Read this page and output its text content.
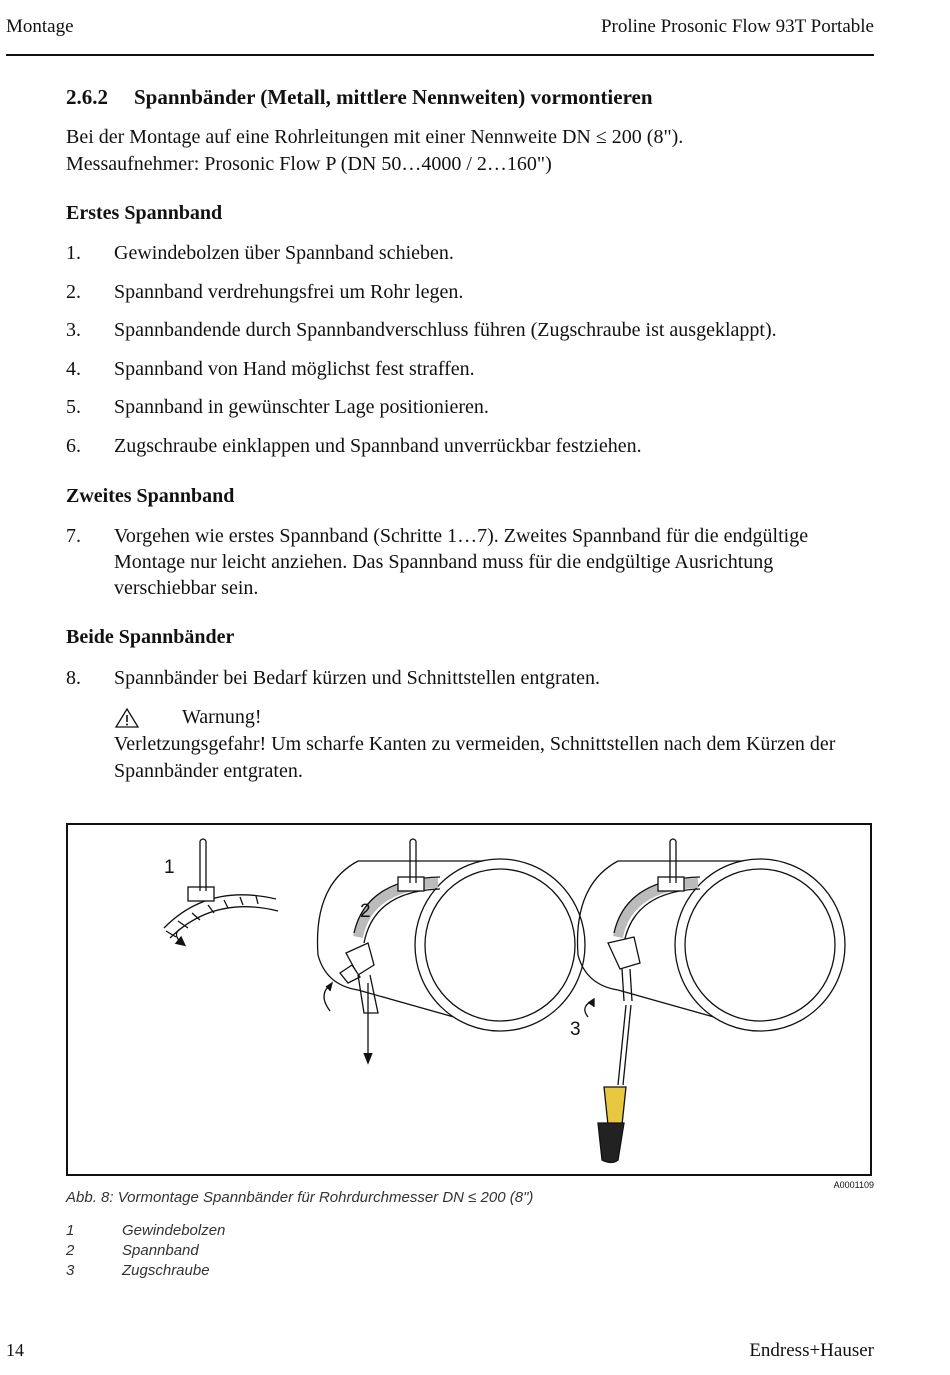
Montage	Proline Prosonic Flow 93T Portable
2.6.2 Spannbänder (Metall, mittlere Nennweiten) vormontieren
Bei der Montage auf eine Rohrleitungen mit einer Nennweite DN ≤ 200 (8").
Messaufnehmer: Prosonic Flow P (DN 50…4000 / 2…160")
Erstes Spannband
1. Gewindebolzen über Spannband schieben.
2. Spannband verdrehungsfrei um Rohr legen.
3. Spannbandende durch Spannbandverschluss führen (Zugschraube ist ausgeklappt).
4. Spannband von Hand möglichst fest straffen.
5. Spannband in gewünschter Lage positionieren.
6. Zugschraube einklappen und Spannband unverrückbar festziehen.
Zweites Spannband
7. Vorgehen wie erstes Spannband (Schritte 1…7). Zweites Spannband für die endgültige Montage nur leicht anziehen. Das Spannband muss für die endgültige Ausrichtung verschiebbar sein.
Beide Spannbänder
8. Spannbänder bei Bedarf kürzen und Schnittstellen entgraten.
Warnung!
Verletzungsgefahr! Um scharfe Kanten zu vermeiden, Schnittstellen nach dem Kürzen der Spannbänder entgraten.
1
2
3
A0001109
Abb. 8: Vormontage Spannbänder für Rohrdurchmesser DN ≤ 200 (8")
1	Gewindebolzen
2	Spannband
3	Zugschraube
14	Endress+Hauser
